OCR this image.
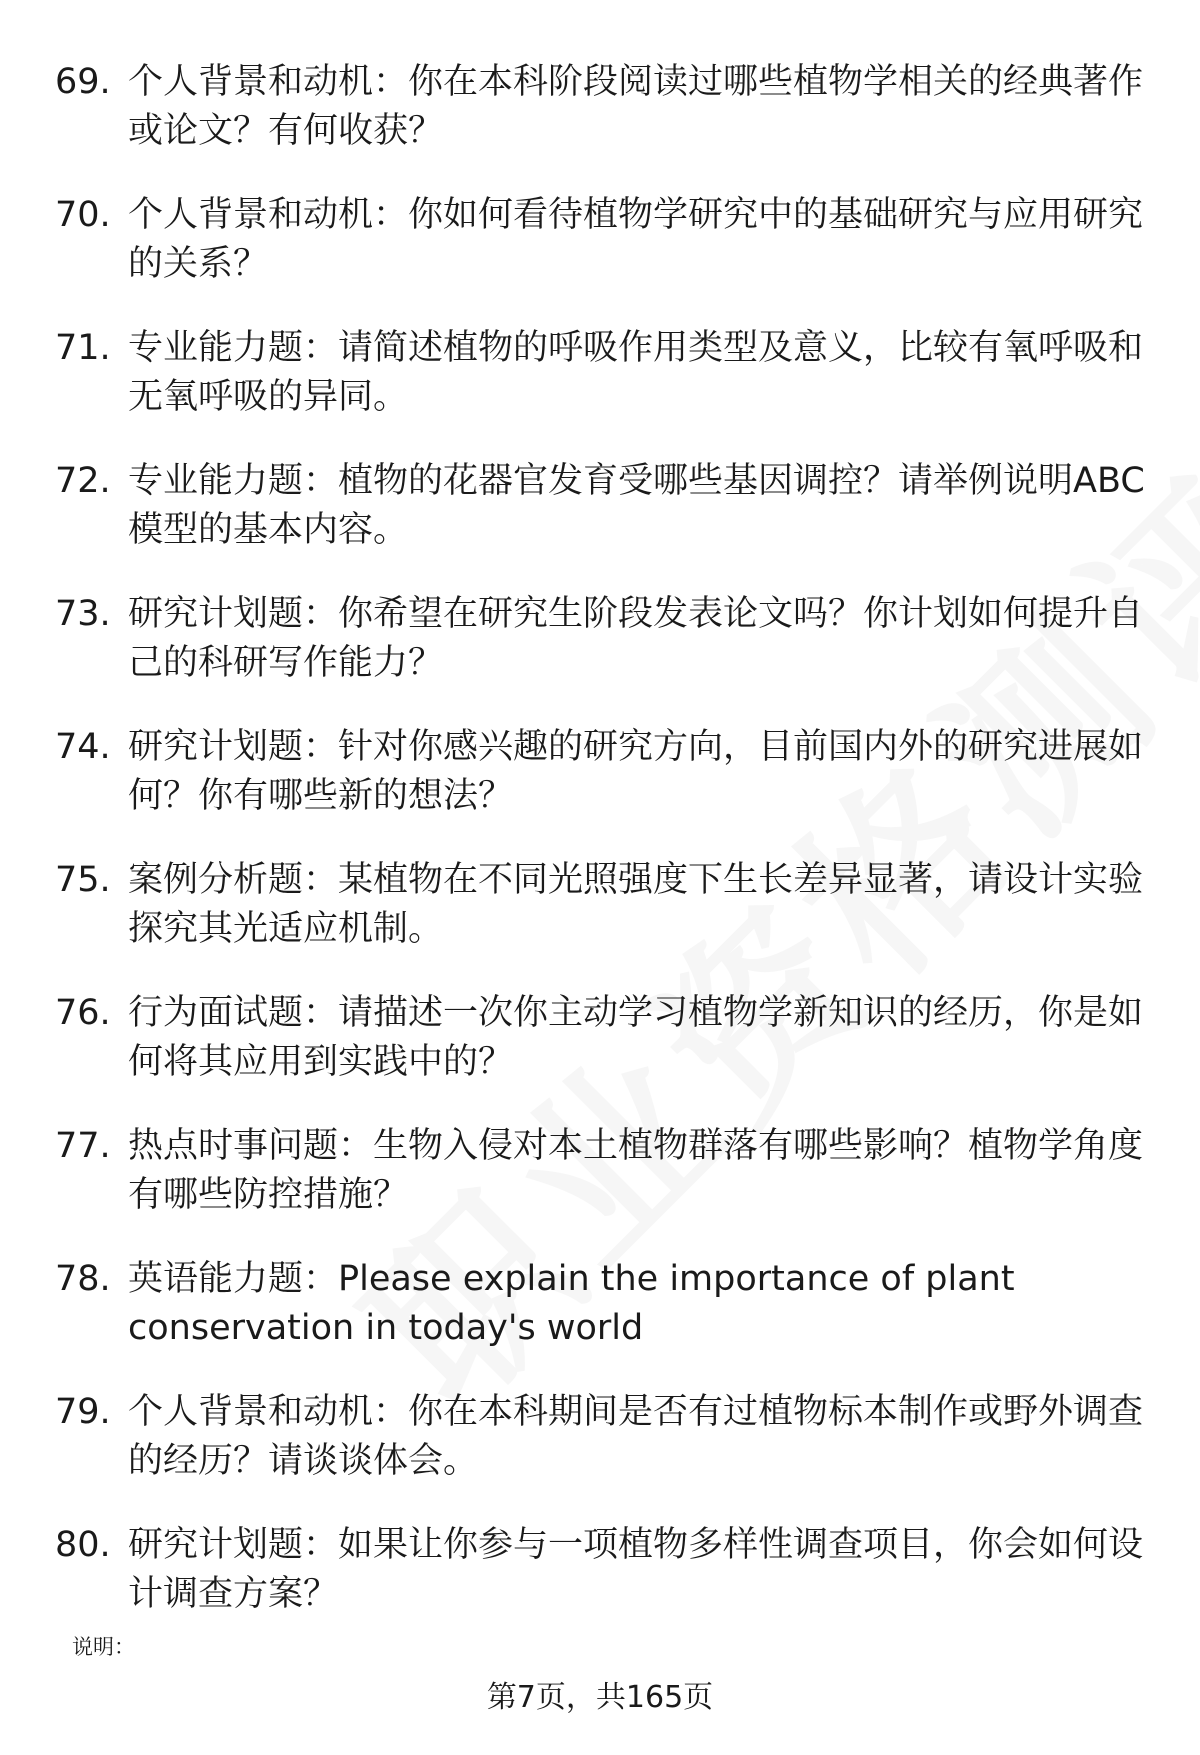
69. 个人背景和动机：你在本科阶段阅读过哪些植物学相关的经典著作或论文？有何收获？
70. 个人背景和动机：你如何看待植物学研究中的基础研究与应用研究的关系？
71. 专业能力题：请简述植物的呼吸作用类型及意义，比较有氧呼吸和无氧呼吸的异同。
72. 专业能力题：植物的花器官发育受哪些基因调控？请举例说明ABC模型的基本内容。
73. 研究计划题：你希望在研究生阶段发表论文吗？你计划如何提升自己的科研写作能力？
74. 研究计划题：针对你感兴趣的研究方向，目前国内外的研究进展如何？你有哪些新的想法？
75. 案例分析题：某植物在不同光照强度下生长差异显著，请设计实验探究其光适应机制。
76. 行为面试题：请描述一次你主动学习植物学新知识的经历，你是如何将其应用到实践中的？
77. 热点时事问题：生物入侵对本土植物群落有哪些影响？植物学角度有哪些防控措施？
78. 英语能力题：Please explain the importance of plant conservation in today's world
79. 个人背景和动机：你在本科期间是否有过植物标本制作或野外调查的经历？请谈谈体会。
80. 研究计划题：如果让你参与一项植物多样性调查项目，你会如何设计调查方案？
说明：
第7页，共165页
